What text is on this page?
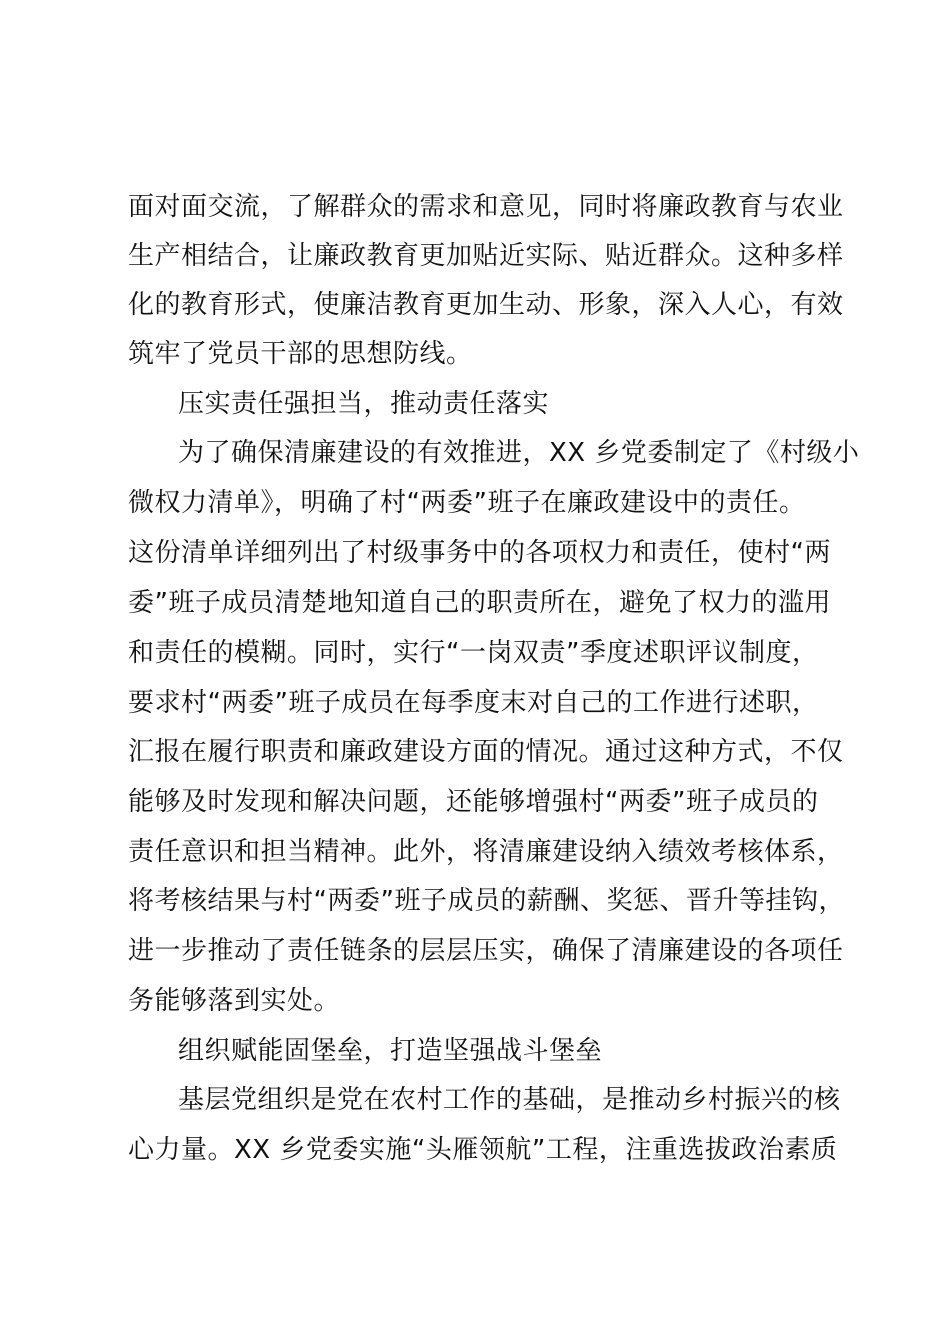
面对面交流，了解群众的需求和意见，同时将廉政教育与农业
生产相结合，让廉政教育更加贴近实际、贴近群众。这种多样
化的教育形式，使廉洁教育更加生动、形象，深入人心，有效
筑牢了党员干部的思想防线。
压实责任强担当，推动责任落实
为了确保清廉建设的有效推进，XX 乡党委制定了《村级小
微权力清单》，明确了村“两委”班子在廉政建设中的责任。
这份清单详细列出了村级事务中的各项权力和责任，使村“两
委”班子成员清楚地知道自己的职责所在，避免了权力的滥用
和责任的模糊。同时，实行“一岗双责”季度述职评议制度，
要求村“两委”班子成员在每季度末对自己的工作进行述职，
汇报在履行职责和廉政建设方面的情况。通过这种方式，不仅
能够及时发现和解决问题，还能够增强村“两委”班子成员的
责任意识和担当精神。此外，将清廉建设纳入绩效考核体系，
将考核结果与村“两委”班子成员的薪酬、奖惩、晋升等挂钩，
进一步推动了责任链条的层层压实，确保了清廉建设的各项任
务能够落到实处。
组织赋能固堡垒，打造坚强战斗堡垒
基层党组织是党在农村工作的基础，是推动乡村振兴的核
心力量。XX 乡党委实施“头雁领航”工程，注重选拔政治素质
